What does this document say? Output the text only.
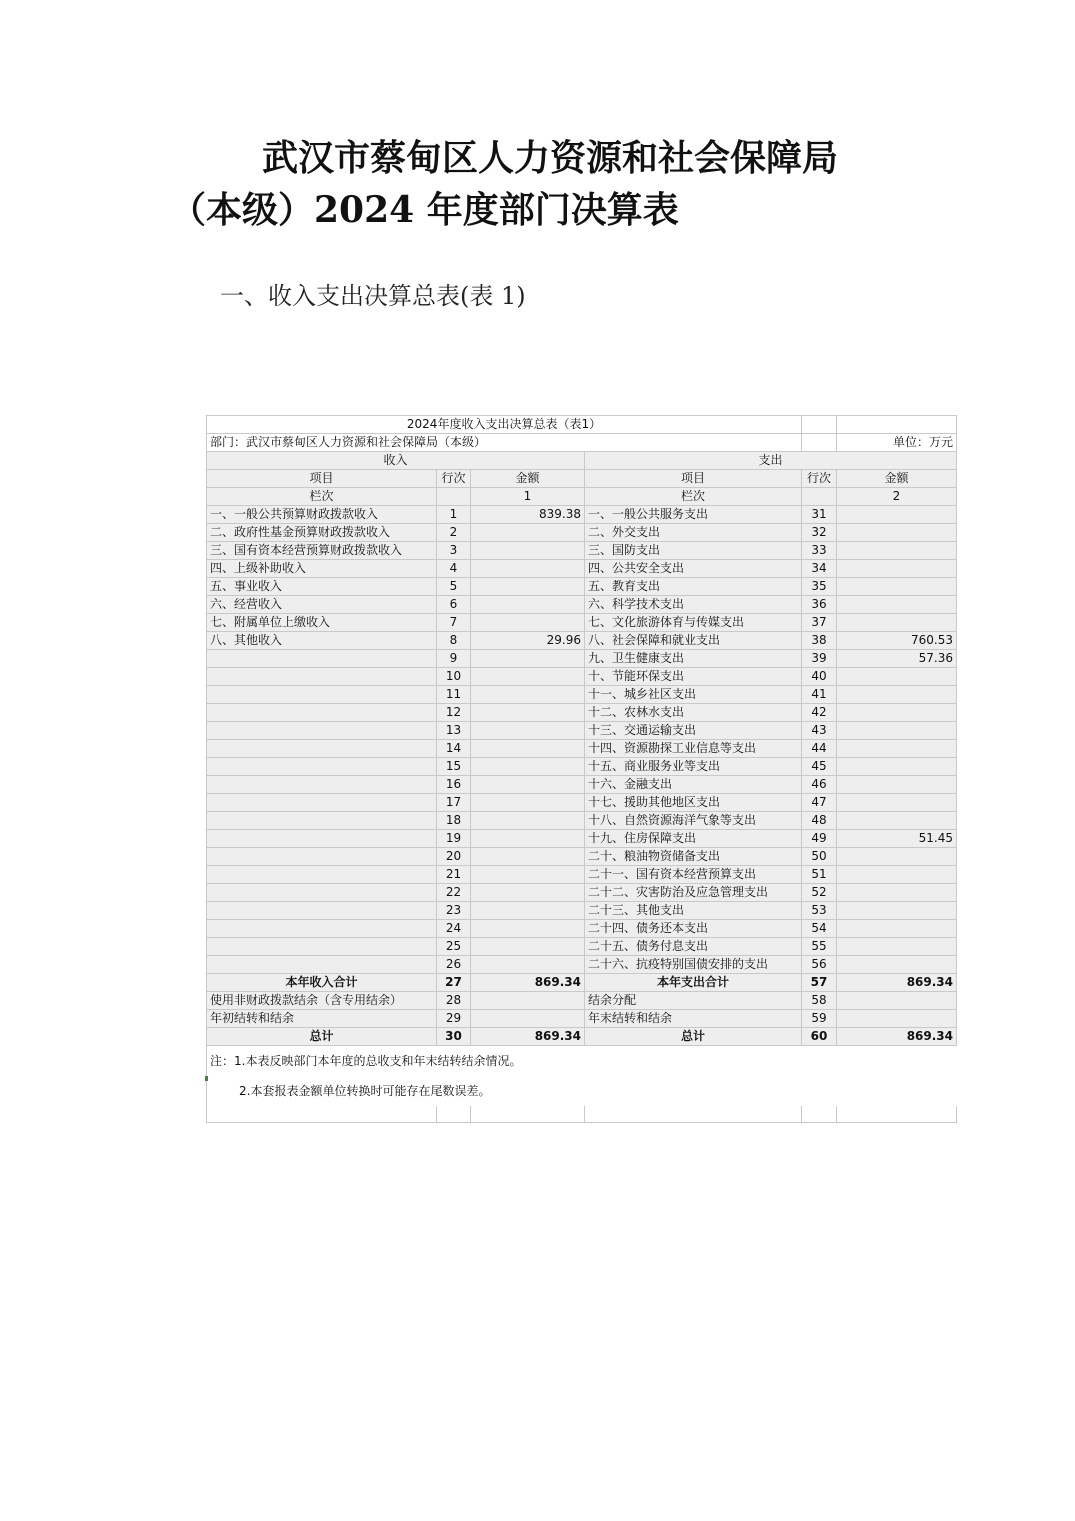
武汉市蔡甸区人力资源和社会保障局
（本级）2024 年度部门决算表
一、收入支出决算总表(表 1)
2024年度收入支出决算总表（表1）					
部门：武汉市蔡甸区人力资源和社会保障局（本级）					单位：万元
收入			支出		
项目	行次	金额	项目	行次	金额
栏次		1	栏次		2
一、一般公共预算财政拨款收入	1	839.38	一、一般公共服务支出	31	
二、政府性基金预算财政拨款收入	2		二、外交支出	32	
三、国有资本经营预算财政拨款收入	3		三、国防支出	33	
四、上级补助收入	4		四、公共安全支出	34	
五、事业收入	5		五、教育支出	35	
六、经营收入	6		六、科学技术支出	36	
七、附属单位上缴收入	7		七、文化旅游体育与传媒支出	37	
八、其他收入	8	29.96	八、社会保障和就业支出	38	760.53
	9		九、卫生健康支出	39	57.36
	10		十、节能环保支出	40	
	11		十一、城乡社区支出	41	
	12		十二、农林水支出	42	
	13		十三、交通运输支出	43	
	14		十四、资源勘探工业信息等支出	44	
	15		十五、商业服务业等支出	45	
	16		十六、金融支出	46	
	17		十七、援助其他地区支出	47	
	18		十八、自然资源海洋气象等支出	48	
	19		十九、住房保障支出	49	51.45
	20		二十、粮油物资储备支出	50	
	21		二十一、国有资本经营预算支出	51	
	22		二十二、灾害防治及应急管理支出	52	
	23		二十三、其他支出	53	
	24		二十四、债务还本支出	54	
	25		二十五、债务付息支出	55	
	26		二十六、抗疫特别国债安排的支出	56	
本年收入合计	27	869.34	本年支出合计	57	869.34
使用非财政拨款结余（含专用结余）	28		结余分配	58	
年初结转和结余	29		年末结转和结余	59	
总计	30	869.34	总计	60	869.34
注：1.本表反映部门本年度的总收支和年末结转结余情况。					
2.本套报表金额单位转换时可能存在尾数误差。					
